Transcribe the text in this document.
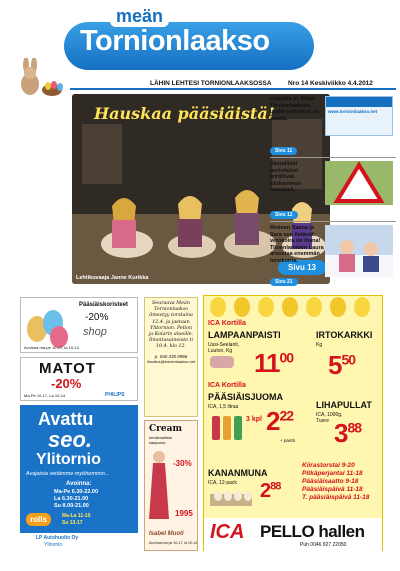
meän
Tornionlaakso
LÄHIN LEHTESI TORNIONLAAKSOSSA	Nro 14 Keskiviikko 4.4.2012
Hauskaa pääsiäistä!
Sivu 13
Lehtikuvaaja Janne Kurikka
Uskotko jo. Meän Tornionlaakson uudet nettisivut on avattu.
www.tornionlaakso.net
Sivu 11
Vaaralliset portolaiset leiriillivät. Elohammen metsissä.
Sivu 12
Rinteen Saana ja Sara sen tietävät: vetokoira on ihana! Tiinonlammen Laura arvostaa enemmän hirvikoiria.
Sivu 21
Pääsiäiskoristeet
-20%
shop
Avoinna ma-pe 10-17, la 10-14
MATOT
-20%
Ma-Pe 10-17, La 10-14	PHILIPS
Avattu
seo.
Ylitornio
Avajaisia vietämme myöhemmin...
Avoinna:
Ma-Pe 6.30-22.00
La 6.30-21.00
Su 8.00-21.00
rolls	Ma-La 11-19
Su 13-17
LP Autohuolto Oy
Ylitornio
Seuraava Meän Tornionlaakso ilmestyy torstaina 12.4. ja jaetaan Ylitornion, Pellon ja Kolarin alueille. Ilmoitusaineisto ti 10.4. klo 12.
p. 040 335 0966
ilmoitus@tornionlaakso.net
Cream
kevätmallisto saapunut
-30%
1995
Isabel Muoti
Avoinna ma-pe 10-17, la 10-14
ICA Kortilla
LAMPAANPAISTI
Uusi-Seelanti, Luuton, Kg $11^{00}$
IRTOKARKKI
Kg
$5^{50}$
ICA Kortilla
PÄÄSIÄISJUOMA
ICA, 1,5 litraa
3 kpl $2^{22}$
+ pantti
LIHAPULLAT
ICA, 1000g, Tuore $3^{88}$
KANANMUNA
ICA, 12-pack $2^{88}$
Kiirastorstai 9-20
Pitkäperjantai 11-18
Pääsiäisaatto 9-18
Pääsiäispäivä 11-18
T. pääsiäispäivä 11-18
ICA PELLO hallen
Puh 0046 927 22050
